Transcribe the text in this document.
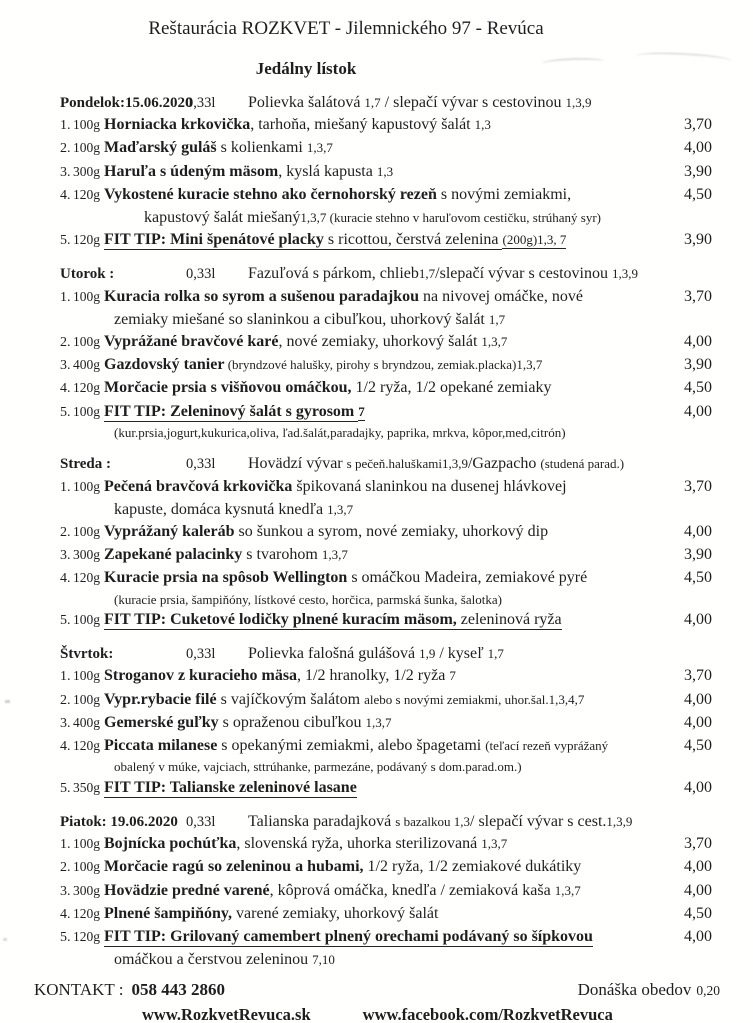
Reštaurácia ROZKVET - Jilemnického 97 - Revúca
Jedálny lístok
Pondelok:15.06.2020
0,33l	Polievka šalátová 1,7 / slepačí vývar s cestovinou 1,3,9
1. 100g Horniacka krkovička, tarhoňa, miešaný kapustový šalát 1,3	3,70
2. 100g Maďarský guláš s kolienkami 1,3,7	4,00
3. 300g Haruľa s údeným mäsom, kyslá kapusta 1,3	3,90
4. 120g Vykostené kuracie stehno ako černohorský rezeň s novými zemiakmi,	4,50
kapustový šalát miešaný1,3,7 (kuracie stehno v haruľovom cestičku, strúhaný syr)
5. 120g FIT TIP: Mini špenátové placky s ricottou, čerstvá zelenina (200g)1,3, 7	3,90
Utorok :	0,33l	Fazuľová s párkom, chlieb1,7/slepačí vývar s cestovinou 1,3,9
1. 100g Kuracia rolka so syrom a sušenou paradajkou na nivovej omáčke, nové	3,70
zemiaky miešané so slaninkou a cibuľkou, uhorkový šalát 1,7
2. 100g Vyprážané bravčové karé, nové zemiaky, uhorkový šalát 1,3,7	4,00
3. 400g Gazdovský tanier (bryndzové halušky, pirohy s bryndzou, zemiak.placka)1,3,7	3,90
4. 120g Morčacie prsia s višňovou omáčkou, 1/2 ryža, 1/2 opekané zemiaky	4,50
5. 100g FIT TIP: Zeleninový šalát s gyrosom 7	4,00
(kur.prsia,jogurt,kukurica,oliva, ľad.šalát,paradajky, paprika, mrkva, kôpor,med,citrón)
Streda :	0,33l	Hovädzí vývar s pečeň.haluškami1,3,9/Gazpacho (studená parad.)
1. 100g Pečená bravčová krkovička špikovaná slaninkou na dusenej hlávkovej	3,70
kapuste, domáca kysnutá knedľa 1,3,7
2. 100g Vyprážaný kaleráb so šunkou a syrom, nové zemiaky, uhorkový dip	4,00
3. 300g Zapekané palacinky s tvarohom 1,3,7	3,90
4. 120g Kuracie prsia na spôsob Wellington s omáčkou Madeira, zemiakové pyré	4,50
(kuracie prsia, šampiňóny, lístkové cesto, horčica, parmská šunka, šalotka)
5. 100g FIT TIP: Cuketové lodičky plnené kuracím mäsom, zeleninová ryža	4,00
Štvrtok:	0,33l	Polievka falošná gulášová 1,9 / kyseľ 1,7
1. 100g Stroganov z kuracieho mäsa, 1/2 hranolky, 1/2 ryža 7	3,70
2. 100g Vypr.rybacie filé s vajíčkovým šalátom alebo s novými zemiakmi, uhor.šal.1,3,4,7	4,00
3. 400g Gemerské guľky s opraženou cibuľkou 1,3,7	4,00
4. 120g Piccata milanese s opekanými zemiakmi, alebo špagetami (teľací rezeň vyprážaný	4,50
obalený v múke, vajciach, sttrúhanke, parmezáne, podávaný s dom.parad.om.)
5. 350g FIT TIP: Talianske zeleninové lasane	4,00
Piatok: 19.06.2020 0,33l	Talianska paradajková s bazalkou 1,3/ slepačí vývar s cest.1,3,9
1. 100g Bojnícka pochúťka, slovenská ryža, uhorka sterilizovaná 1,3,7	3,70
2. 100g Morčacie ragú so zeleninou a hubami, 1/2 ryža, 1/2 zemiakové dukátiky	4,00
3. 300g Hovädzie predné varené, kôprová omáčka, knedľa / zemiaková kaša 1,3,7	4,00
4. 120g Plnené šampiňóny, varené zemiaky, uhorkový šalát	4,50
5. 120g FIT TIP: Grilovaný camembert plnený orechami podávaný so šípkovou	4,00
omáčkou a čerstvou zeleninou 7,10
KONTAKT : 058 443 2860	Donáška obedov 0,20
www.RozkvetRevuca.sk	www.facebook.com/RozkvetRevuca
